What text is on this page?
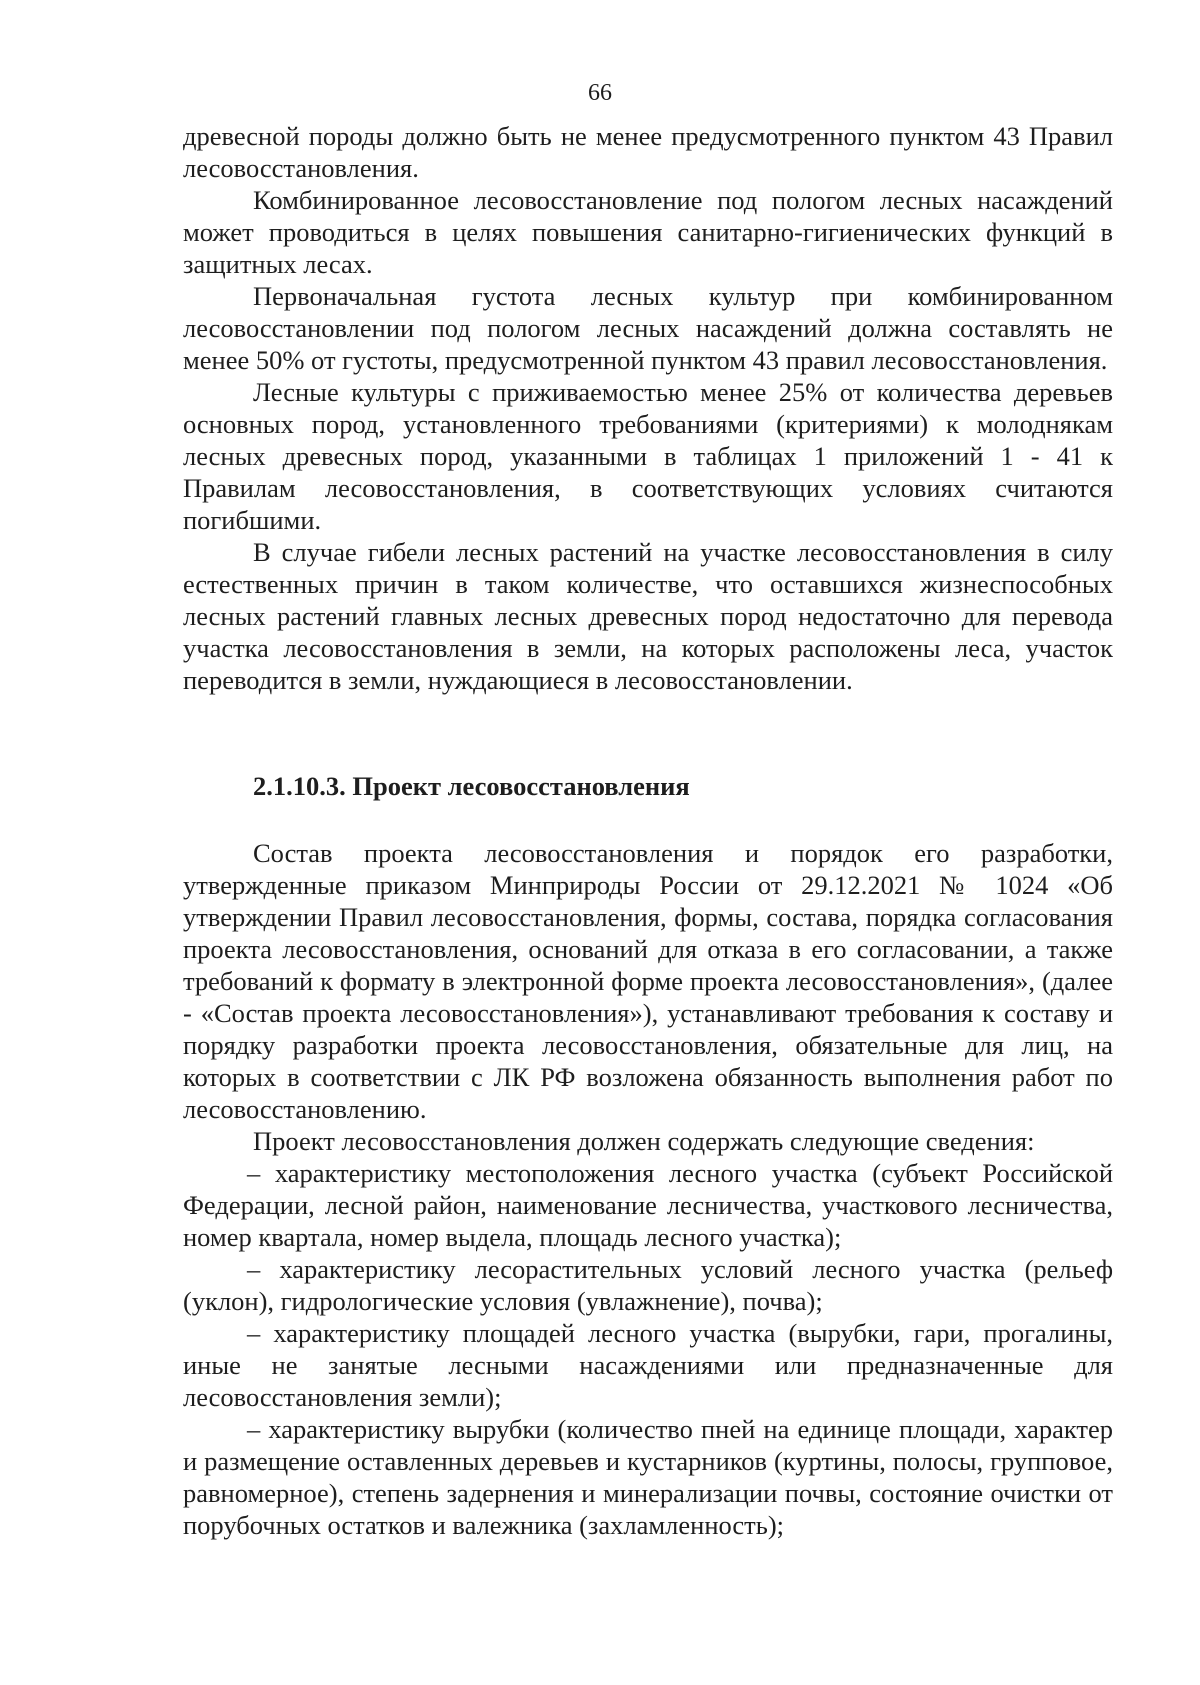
66

древесной породы должно быть не менее предусмотренного пунктом 43 Правил лесовосстановления.

Комбинированное лесовосстановление под пологом лесных насаждений может проводиться в целях повышения санитарно-гигиенических функций в защитных лесах.

Первоначальная густота лесных культур при комбинированном лесовосстановлении под пологом лесных насаждений должна составлять не менее 50% от густоты, предусмотренной пунктом 43 правил лесовосстановления.

Лесные культуры с приживаемостью менее 25% от количества деревьев основных пород, установленного требованиями (критериями) к молоднякам лесных древесных пород, указанными в таблицах 1 приложений 1 - 41 к Правилам лесовосстановления, в соответствующих условиях считаются погибшими.

В случае гибели лесных растений на участке лесовосстановления в силу естественных причин в таком количестве, что оставшихся жизнеспособных лесных растений главных лесных древесных пород недостаточно для перевода участка лесовосстановления в земли, на которых расположены леса, участок переводится в земли, нуждающиеся в лесовосстановлении.

2.1.10.3. Проект лесовосстановления

Состав проекта лесовосстановления и порядок его разработки, утвержденные приказом Минприроды России от 29.12.2021 № 1024 «Об утверждении Правил лесовосстановления, формы, состава, порядка согласования проекта лесовосстановления, оснований для отказа в его согласовании, а также требований к формату в электронной форме проекта лесовосстановления», (далее - «Состав проекта лесовосстановления»), устанавливают требования к составу и порядку разработки проекта лесовосстановления, обязательные для лиц, на которых в соответствии с ЛК РФ возложена обязанность выполнения работ по лесовосстановлению.

Проект лесовосстановления должен содержать следующие сведения:

– характеристику местоположения лесного участка (субъект Российской Федерации, лесной район, наименование лесничества, участкового лесничества, номер квартала, номер выдела, площадь лесного участка);

– характеристику лесорастительных условий лесного участка (рельеф (уклон), гидрологические условия (увлажнение), почва);

– характеристику площадей лесного участка (вырубки, гари, прогалины, иные не занятые лесными насаждениями или предназначенные для лесовосстановления земли);

– характеристику вырубки (количество пней на единице площади, характер и размещение оставленных деревьев и кустарников (куртины, полосы, групповое, равномерное), степень задернения и минерализации почвы, состояние очистки от порубочных остатков и валежника (захламленность);
